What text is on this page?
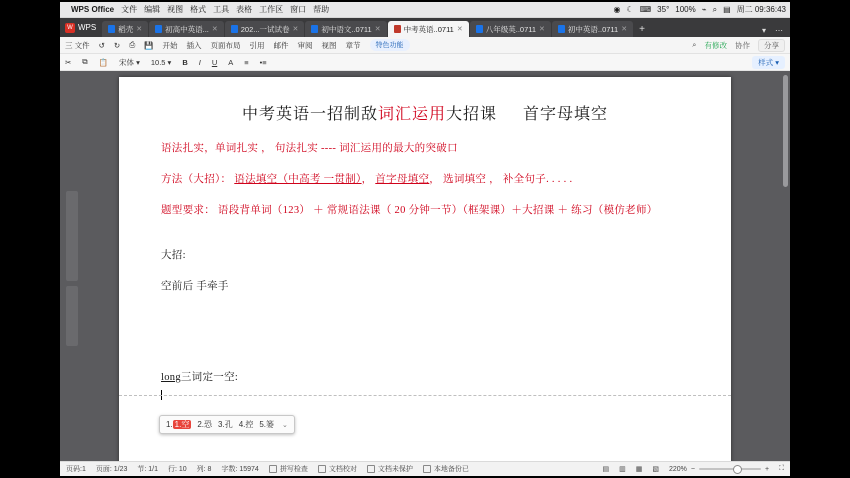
WPS Office 文件 编辑 视图 格式 工具 表格 工作区 窗口 帮助	◉ ☾ ⌨ 35° 100% ⌁ ⌕ ▤ 周二 09:36:43
W WPS	稻壳 ✕	初高中英语... ✕	202...一试试卷 ✕	初中语文..0711 ✕	中考英语..0711 ✕	八年级英..0711 ✕	初中英语..0711 ✕	+	▾	⋯
三 文件 ↺ ↻ ⎙ 💾 开始 插入 页面布局 引用 邮件 审阅 视图 章节	特色功能	⌕ 有修改 协作	分享
✂ ⧉ 📋 宋体 ▾ 10.5 ▾ B I U A ≡ •≡	样式 ▾
中考英语一招制敌词汇运用大招课 首字母填空
语法扎实，单词扎实 ， 句法扎实 ---- 词汇运用的最大的突破口
方法（大招）： 语法填空（中高考 一贯制）， 首字母填空， 选词填空 ， 补全句子. . . . .
题型要求： 语段背单词（123） ＋ 常规语法课（ 20 分钟一节）（框架课）＋大招课 ＋ 练习（模仿老师）
大招:
空前后 手牵手
long三词定一空:
1. 1.空 2.恐 3.孔 4.控 5.篓 ⌄
页码:1 页面: 1/23 节: 1/1 行: 10 列: 8 字数: 15974	拼写检查	文档校对	文档未保护	本地备份已	▤ ▥ ▦ ▧ 220% −	+ ⛶
